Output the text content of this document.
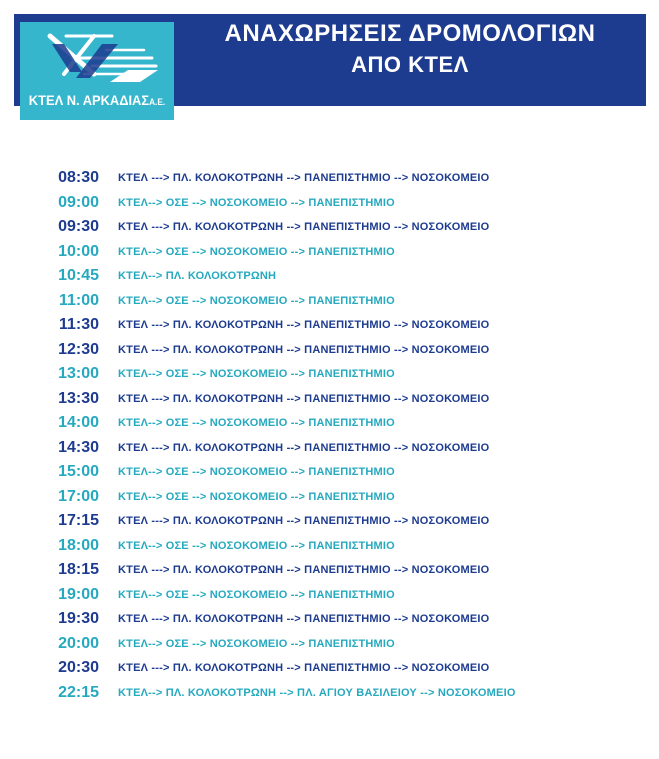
ΚΤΕΛ Ν. ΑΡΚΑΔΙΑΣΑ.Ε.
ΑΝΑΧΩΡΗΣΕΙΣ ΔΡΟΜΟΛΟΓΙΩΝ
ΑΠΟ ΚΤΕΛ
08:30 ΚΤΕΛ ---> ΠΛ. ΚΟΛΟΚΟΤΡΩΝΗ --> ΠΑΝΕΠΙΣΤΗΜΙΟ --> ΝΟΣΟΚΟΜΕΙΟ
09:00 ΚΤΕΛ--> ΟΣΕ --> ΝΟΣΟΚΟΜΕΙΟ --> ΠΑΝΕΠΙΣΤΗΜΙΟ
09:30 ΚΤΕΛ ---> ΠΛ. ΚΟΛΟΚΟΤΡΩΝΗ --> ΠΑΝΕΠΙΣΤΗΜΙΟ --> ΝΟΣΟΚΟΜΕΙΟ
10:00 ΚΤΕΛ--> ΟΣΕ --> ΝΟΣΟΚΟΜΕΙΟ --> ΠΑΝΕΠΙΣΤΗΜΙΟ
10:45 ΚΤΕΛ--> ΠΛ. ΚΟΛΟΚΟΤΡΩΝΗ
11:00 ΚΤΕΛ--> ΟΣΕ --> ΝΟΣΟΚΟΜΕΙΟ --> ΠΑΝΕΠΙΣΤΗΜΙΟ
11:30 ΚΤΕΛ ---> ΠΛ. ΚΟΛΟΚΟΤΡΩΝΗ --> ΠΑΝΕΠΙΣΤΗΜΙΟ --> ΝΟΣΟΚΟΜΕΙΟ
12:30 ΚΤΕΛ ---> ΠΛ. ΚΟΛΟΚΟΤΡΩΝΗ --> ΠΑΝΕΠΙΣΤΗΜΙΟ --> ΝΟΣΟΚΟΜΕΙΟ
13:00 ΚΤΕΛ--> ΟΣΕ --> ΝΟΣΟΚΟΜΕΙΟ --> ΠΑΝΕΠΙΣΤΗΜΙΟ
13:30 ΚΤΕΛ ---> ΠΛ. ΚΟΛΟΚΟΤΡΩΝΗ --> ΠΑΝΕΠΙΣΤΗΜΙΟ --> ΝΟΣΟΚΟΜΕΙΟ
14:00 ΚΤΕΛ--> ΟΣΕ --> ΝΟΣΟΚΟΜΕΙΟ --> ΠΑΝΕΠΙΣΤΗΜΙΟ
14:30 ΚΤΕΛ ---> ΠΛ. ΚΟΛΟΚΟΤΡΩΝΗ --> ΠΑΝΕΠΙΣΤΗΜΙΟ --> ΝΟΣΟΚΟΜΕΙΟ
15:00 ΚΤΕΛ--> ΟΣΕ --> ΝΟΣΟΚΟΜΕΙΟ --> ΠΑΝΕΠΙΣΤΗΜΙΟ
17:00 ΚΤΕΛ--> ΟΣΕ --> ΝΟΣΟΚΟΜΕΙΟ --> ΠΑΝΕΠΙΣΤΗΜΙΟ
17:15 ΚΤΕΛ ---> ΠΛ. ΚΟΛΟΚΟΤΡΩΝΗ --> ΠΑΝΕΠΙΣΤΗΜΙΟ --> ΝΟΣΟΚΟΜΕΙΟ
18:00 ΚΤΕΛ--> ΟΣΕ --> ΝΟΣΟΚΟΜΕΙΟ --> ΠΑΝΕΠΙΣΤΗΜΙΟ
18:15 ΚΤΕΛ ---> ΠΛ. ΚΟΛΟΚΟΤΡΩΝΗ --> ΠΑΝΕΠΙΣΤΗΜΙΟ --> ΝΟΣΟΚΟΜΕΙΟ
19:00 ΚΤΕΛ--> ΟΣΕ --> ΝΟΣΟΚΟΜΕΙΟ --> ΠΑΝΕΠΙΣΤΗΜΙΟ
19:30 ΚΤΕΛ ---> ΠΛ. ΚΟΛΟΚΟΤΡΩΝΗ --> ΠΑΝΕΠΙΣΤΗΜΙΟ --> ΝΟΣΟΚΟΜΕΙΟ
20:00 ΚΤΕΛ--> ΟΣΕ --> ΝΟΣΟΚΟΜΕΙΟ --> ΠΑΝΕΠΙΣΤΗΜΙΟ
20:30 ΚΤΕΛ ---> ΠΛ. ΚΟΛΟΚΟΤΡΩΝΗ --> ΠΑΝΕΠΙΣΤΗΜΙΟ --> ΝΟΣΟΚΟΜΕΙΟ
22:15 ΚΤΕΛ--> ΠΛ. ΚΟΛΟΚΟΤΡΩΝΗ --> ΠΛ. ΑΓΙΟΥ ΒΑΣΙΛΕΙΟΥ --> ΝΟΣΟΚΟΜΕΙΟ
